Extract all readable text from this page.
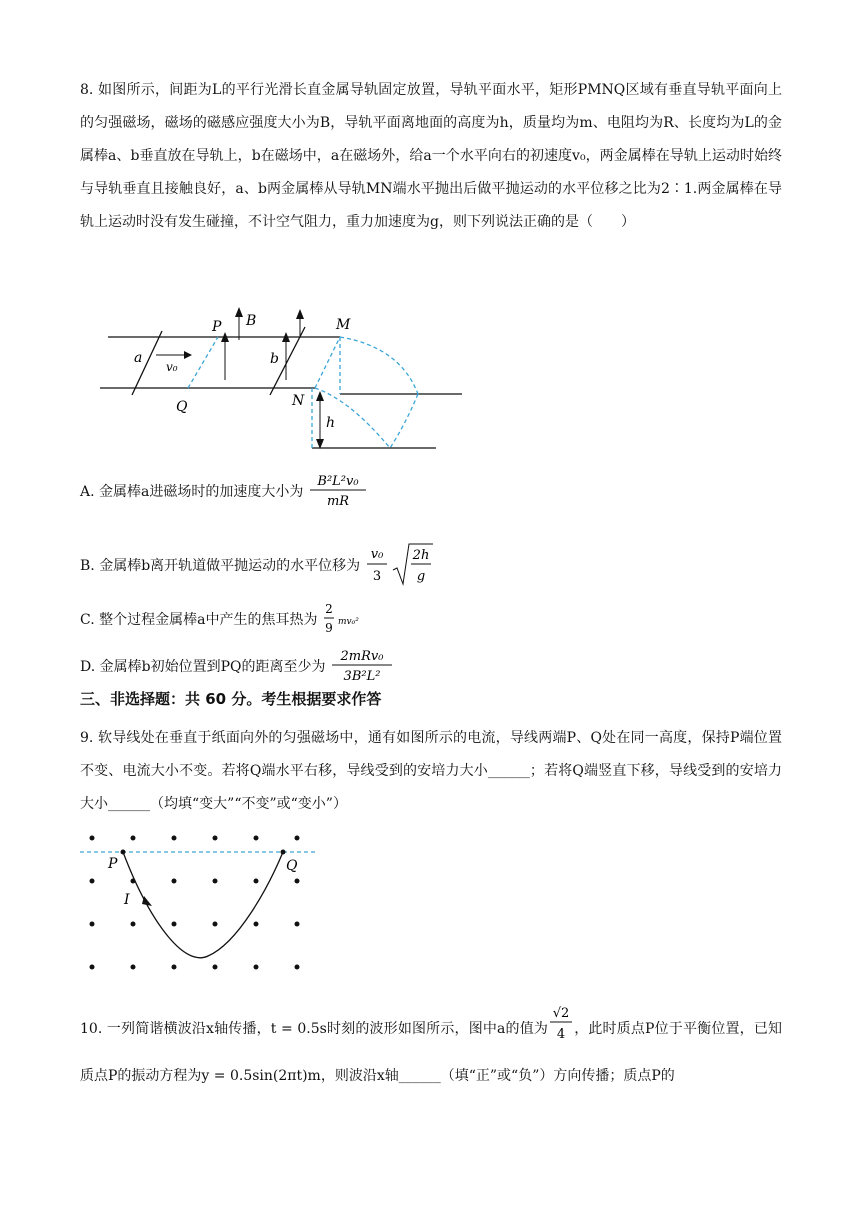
8. 如图所示，间距为L的平行光滑长直金属导轨固定放置，导轨平面水平，矩形PMNQ区域有垂直导轨平面向上的匀强磁场，磁场的磁感应强度大小为B，导轨平面离地面的高度为h，质量均为m、电阻均为R、长度均为L的金属棒a、b垂直放在导轨上，b在磁场中，a在磁场外，给a一个水平向右的初速度v₀，两金属棒在导轨上运动时始终与导轨垂直且接触良好，a、b两金属棒从导轨MN端水平抛出后做平抛运动的水平位移之比为2∶1.两金属棒在导轨上运动时没有发生碰撞，不计空气阻力，重力加速度为g，则下列说法正确的是（　　）
a
v₀
P
Q
B
b
M
N
h
A. 金属棒a进磁场时的加速度大小为
B²L²v₀
mR
B. 金属棒b离开轨道做平抛运动的水平位移为
v₀
3
2h
g
C. 整个过程金属棒a中产生的焦耳热为
2
9 mv₀²
D. 金属棒b初始位置到PQ的距离至少为
2mRv₀
3B²L²
三、非选择题：共 60 分。考生根据要求作答
9. 软导线处在垂直于纸面向外的匀强磁场中，通有如图所示的电流，导线两端P、Q处在同一高度，保持P端位置不变、电流大小不变。若将Q端水平右移，导线受到的安培力大小______；若将Q端竖直下移，导线受到的安培力大小______（均填“变大”“不变”或“变小”）
P	Q
I
10. 一列简谐横波沿x轴传播，t = 0.5s时刻的波形如图所示，图中a的值为
√2
4 ，此时质点P位于平衡位置，已知质点P的振动方程为y = 0.5sin(2πt)m，则波沿x轴______（填“正”或“负”）方向传播；质点P的
